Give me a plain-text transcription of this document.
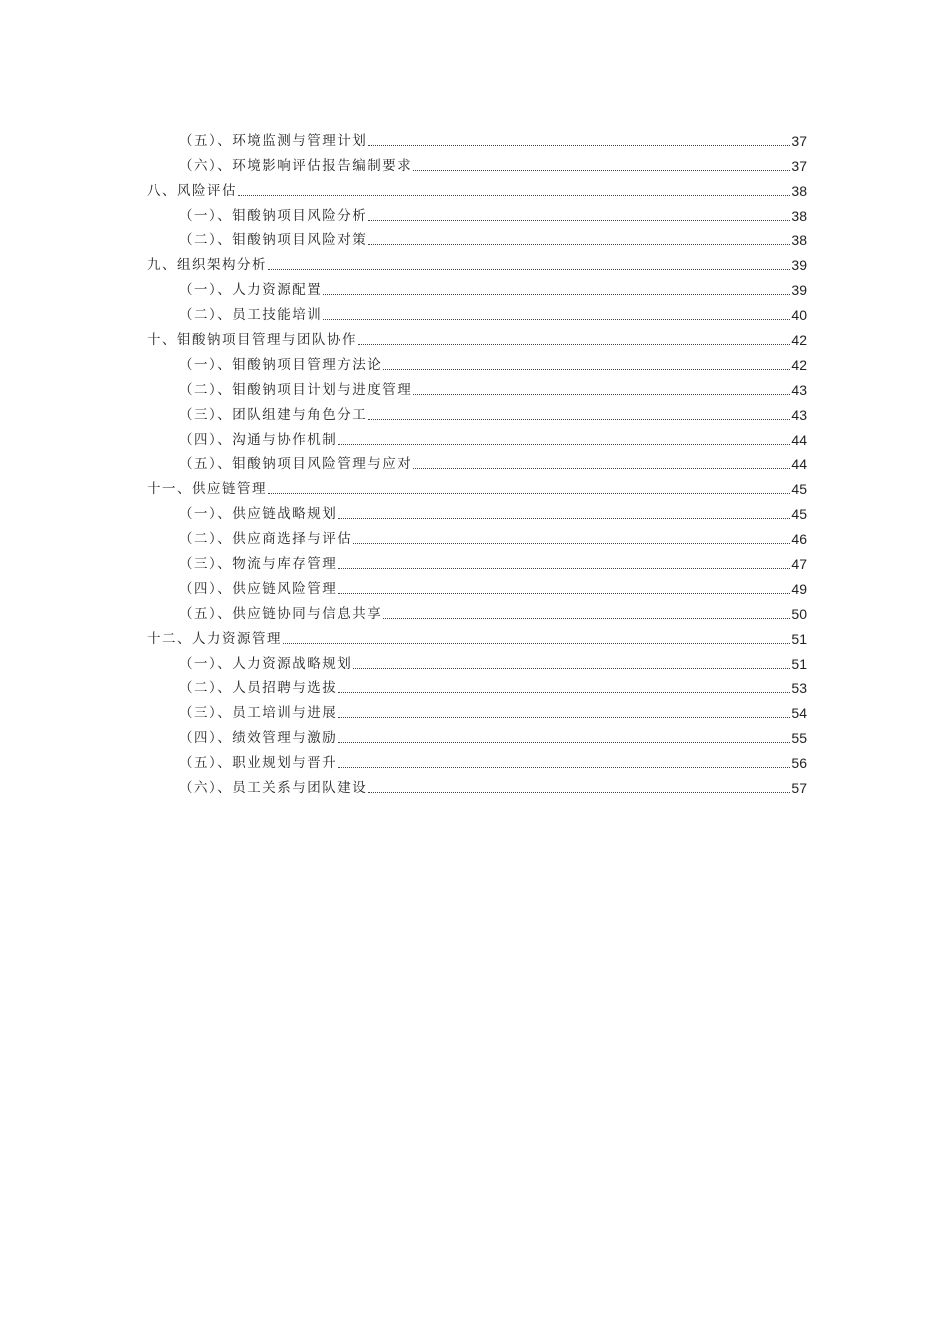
（五）、环境监测与管理计划	37
（六）、环境影响评估报告编制要求	37
八、风险评估	38
（一）、钼酸钠项目风险分析	38
（二）、钼酸钠项目风险对策	38
九、组织架构分析	39
（一）、人力资源配置	39
（二）、员工技能培训	40
十、钼酸钠项目管理与团队协作	42
（一）、钼酸钠项目管理方法论	42
（二）、钼酸钠项目计划与进度管理	43
（三）、团队组建与角色分工	43
（四）、沟通与协作机制	44
（五）、钼酸钠项目风险管理与应对	44
十一、供应链管理	45
（一）、供应链战略规划	45
（二）、供应商选择与评估	46
（三）、物流与库存管理	47
（四）、供应链风险管理	49
（五）、供应链协同与信息共享	50
十二、人力资源管理	51
（一）、人力资源战略规划	51
（二）、人员招聘与选拔	53
（三）、员工培训与进展	54
（四）、绩效管理与激励	55
（五）、职业规划与晋升	56
（六）、员工关系与团队建设	57
